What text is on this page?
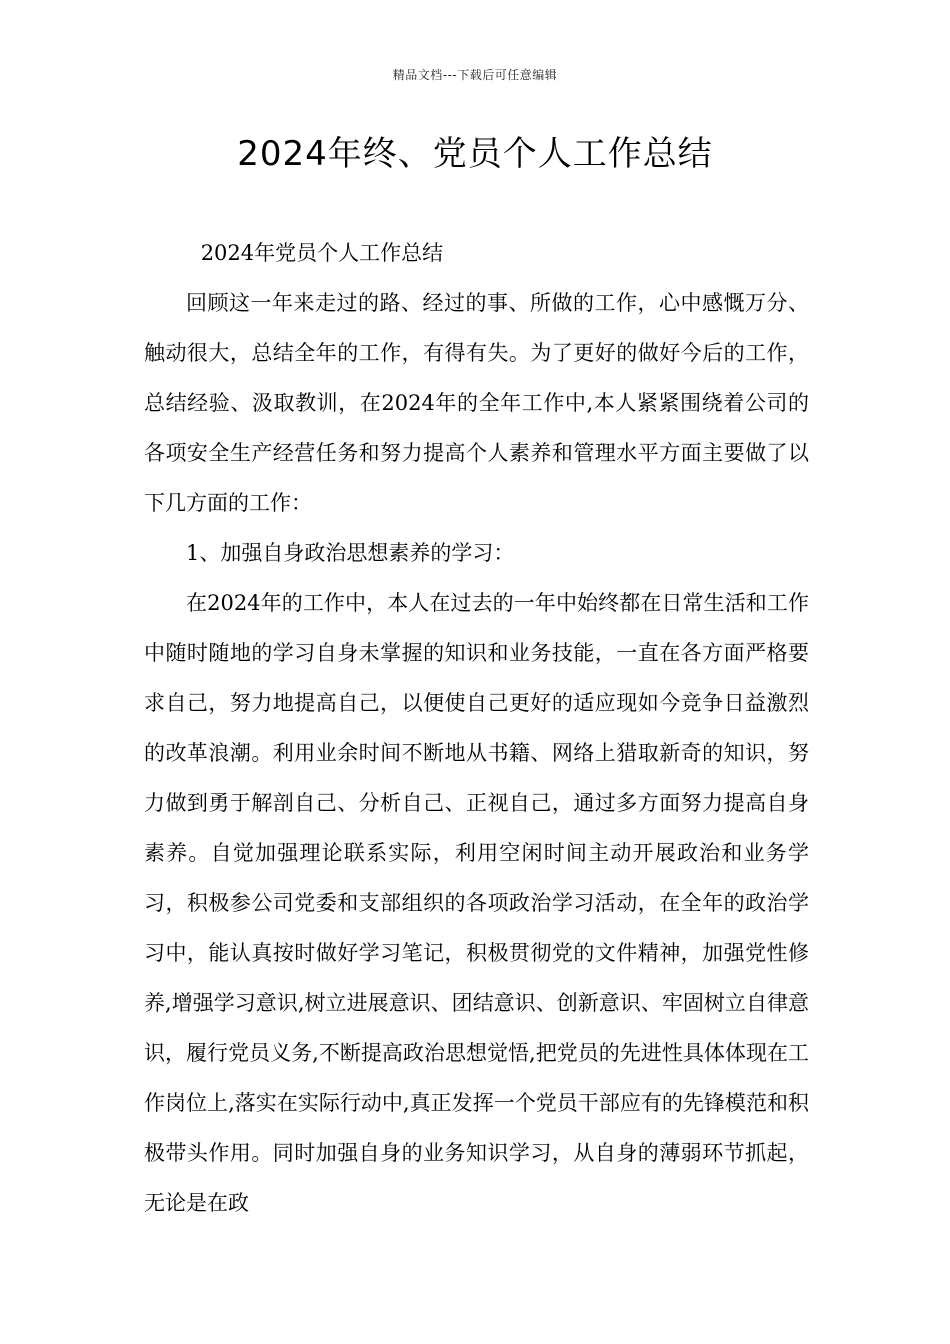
精品文档---下载后可任意编辑
2024年终、党员个人工作总结

2024年党员个人工作总结

回顾这一年来走过的路、经过的事、所做的工作，心中感慨万分、触动很大，总结全年的工作，有得有失。为了更好的做好今后的工作，总结经验、汲取教训，在2024年的全年工作中,本人紧紧围绕着公司的各项安全生产经营任务和努力提高个人素养和管理水平方面主要做了以下几方面的工作：

1、加强自身政治思想素养的学习：

在2024年的工作中，本人在过去的一年中始终都在日常生活和工作中随时随地的学习自身未掌握的知识和业务技能，一直在各方面严格要求自己，努力地提高自己，以便使自己更好的适应现如今竞争日益激烈的改革浪潮。利用业余时间不断地从书籍、网络上猎取新奇的知识，努力做到勇于解剖自己、分析自己、正视自己，通过多方面努力提高自身素养。自觉加强理论联系实际，利用空闲时间主动开展政治和业务学习，积极参公司党委和支部组织的各项政治学习活动，在全年的政治学习中，能认真按时做好学习笔记，积极贯彻党的文件精神，加强党性修养,增强学习意识,树立进展意识、团结意识、创新意识、牢固树立自律意识，履行党员义务,不断提高政治思想觉悟,把党员的先进性具体体现在工作岗位上,落实在实际行动中,真正发挥一个党员干部应有的先锋模范和积极带头作用。同时加强自身的业务知识学习，从自身的薄弱环节抓起，无论是在政
